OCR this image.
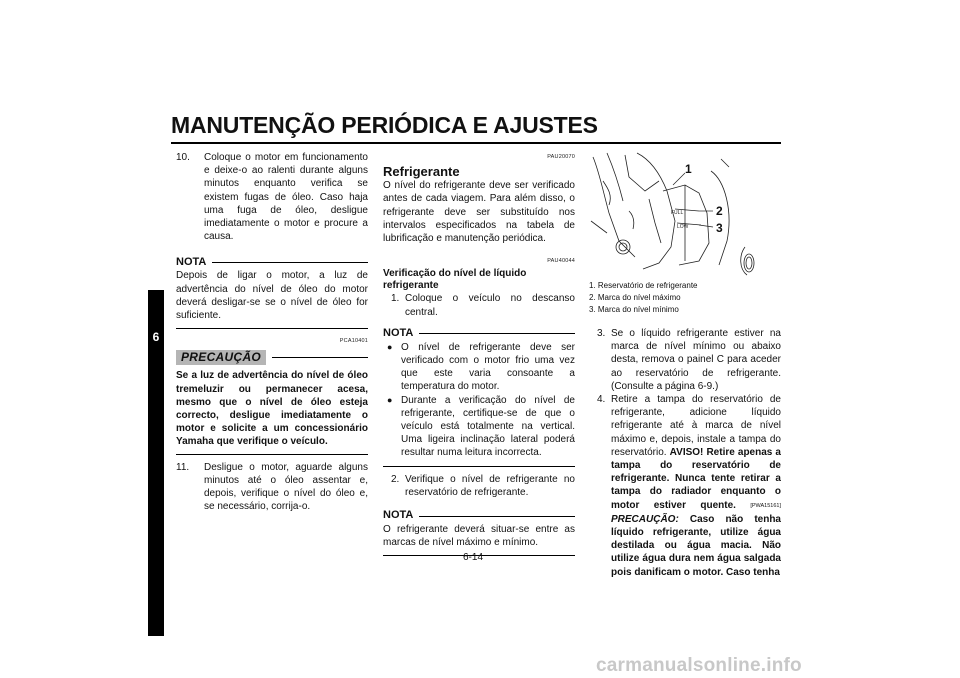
MANUTENÇÃO PERIÓDICA E AJUSTES
6
10.	Coloque o motor em funcionamento e deixe-o ao ralenti durante alguns minutos enquanto verifica se existem fugas de óleo. Caso haja uma fuga de óleo, desligue imediatamente o motor e procure a causa.

NOTA

Depois de ligar o motor, a luz de advertência do nível de óleo do motor deverá desligar-se se o nível de óleo for suficiente.

PCA10401
PRECAUÇÃO

Se a luz de advertência do nível de óleo tremeluzir ou permanecer acesa, mesmo que o nível de óleo esteja correcto, desligue imediatamente o motor e solicite a um concessionário Yamaha que verifique o veículo.

11.	Desligue o motor, aguarde alguns minutos até o óleo assentar e, depois, verifique o nível do óleo e, se necessário, corrija-o.

PAU20070
Refrigerante

O nível do refrigerante deve ser verificado antes de cada viagem. Para além disso, o refrigerante deve ser substituído nos intervalos especificados na tabela de lubrificação e manutenção periódica.

PAU40044
Verificação do nível de líquido refrigerante
1. Coloque o veículo no descanso central.

NOTA
● O nível de refrigerante deve ser verificado com o motor frio uma vez que este varia consoante a temperatura do motor.

● Durante a verificação do nível de refrigerante, certifique-se de que o veículo está totalmente na vertical. Uma ligeira inclinação lateral poderá resultar numa leitura incorrecta.

2. Verifique o nível de refrigerante no reservatório de refrigerante.

NOTA

O refrigerante deverá situar-se entre as marcas de nível máximo e mínimo.

FULL
LOW
1
2
3
1. Reservatório de refrigerante
2. Marca do nível máximo
3. Marca do nível mínimo
3. Se o líquido refrigerante estiver na marca de nível mínimo ou abaixo desta, remova o painel C para aceder ao reservatório de refrigerante. (Consulte a página 6-9.)

4. Retire a tampa do reservatório de refrigerante, adicione líquido refrigerante até à marca de nível máximo e, depois, instale a tampa do reservatório. AVISO! Retire apenas a tampa do reservatório de refrigerante. Nunca tente retirar a tampa do radiador enquanto o motor estiver quente.	[PWA15161] PRECAUÇÃO: Caso não tenha líquido refrigerante, utilize água destilada ou água macia. Não utilize água dura nem água salgada pois danificam o motor. Caso tenha

6-14
carmanualsonline.info
